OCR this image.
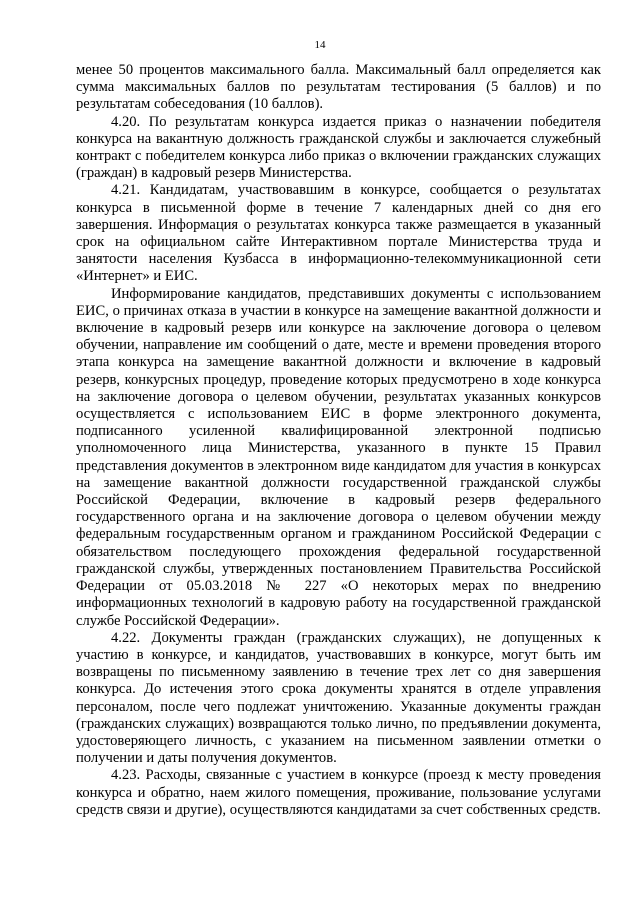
14

менее 50 процентов максимального балла. Максимальный балл определяется как сумма максимальных баллов по результатам тестирования (5 баллов) и по результатам собеседования (10 баллов).

4.20. По результатам конкурса издается приказ о назначении победителя конкурса на вакантную должность гражданской службы и заключается служебный контракт с победителем конкурса либо приказ о включении гражданских служащих (граждан) в кадровый резерв Министерства.

4.21. Кандидатам, участвовавшим в конкурсе, сообщается о результатах конкурса в письменной форме в течение 7 календарных дней со дня его завершения. Информация о результатах конкурса также размещается в указанный срок на официальном сайте Интерактивном портале Министерства труда и занятости населения Кузбасса в информационно-телекоммуникационной сети «Интернет» и ЕИС.

Информирование кандидатов, представивших документы с использованием ЕИС, о причинах отказа в участии в конкурсе на замещение вакантной должности и включение в кадровый резерв или конкурсе на заключение договора о целевом обучении, направление им сообщений о дате, месте и времени проведения второго этапа конкурса на замещение вакантной должности и включение в кадровый резерв, конкурсных процедур, проведение которых предусмотрено в ходе конкурса на заключение договора о целевом обучении, результатах указанных конкурсов осуществляется с использованием ЕИС в форме электронного документа, подписанного усиленной квалифицированной электронной подписью уполномоченного лица Министерства, указанного в пункте 15 Правил представления документов в электронном виде кандидатом для участия в конкурсах на замещение вакантной должности государственной гражданской службы Российской Федерации, включение в кадровый резерв федерального государственного органа и на заключение договора о целевом обучении между федеральным государственным органом и гражданином Российской Федерации с обязательством последующего прохождения федеральной государственной гражданской службы, утвержденных постановлением Правительства Российской Федерации от 05.03.2018 № 227 «О некоторых мерах по внедрению информационных технологий в кадровую работу на государственной гражданской службе Российской Федерации».

4.22. Документы граждан (гражданских служащих), не допущенных к участию в конкурсе, и кандидатов, участвовавших в конкурсе, могут быть им возвращены по письменному заявлению в течение трех лет со дня завершения конкурса. До истечения этого срока документы хранятся в отделе управления персоналом, после чего подлежат уничтожению. Указанные документы граждан (гражданских служащих) возвращаются только лично, по предъявлении документа, удостоверяющего личность, с указанием на письменном заявлении отметки о получении и даты получения документов.

4.23. Расходы, связанные с участием в конкурсе (проезд к месту проведения конкурса и обратно, наем жилого помещения, проживание, пользование услугами средств связи и другие), осуществляются кандидатами за счет собственных средств.
